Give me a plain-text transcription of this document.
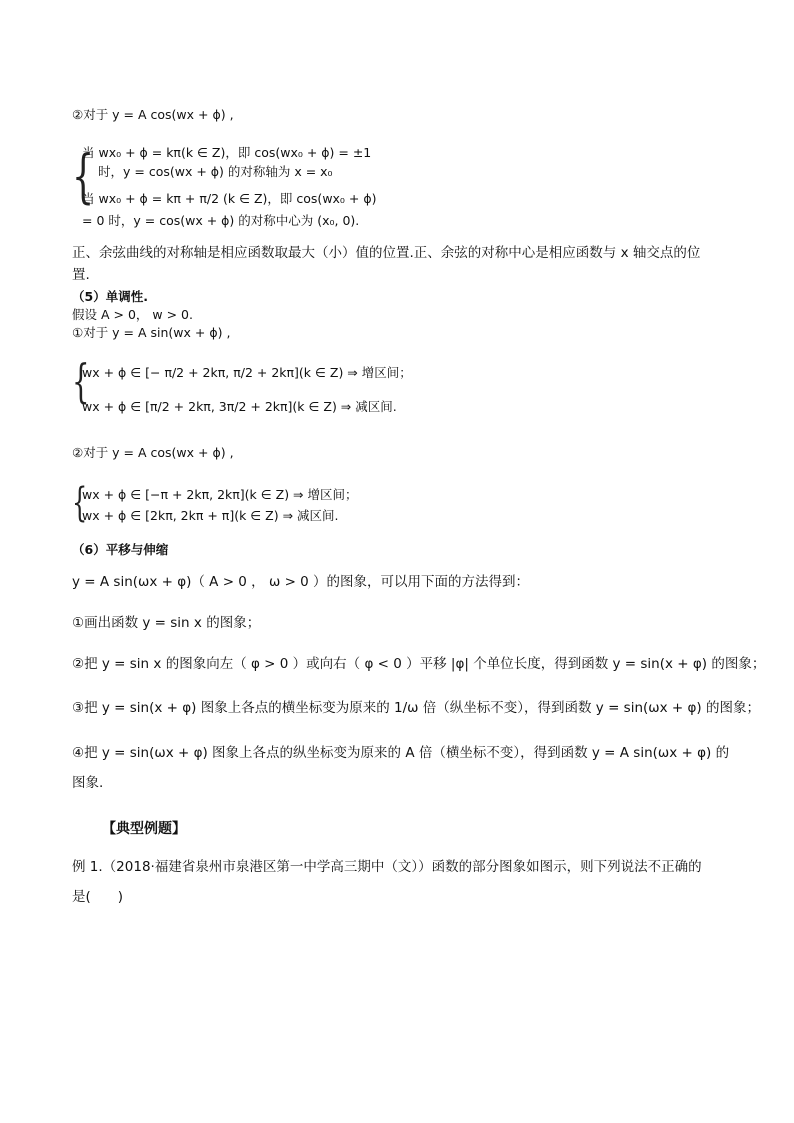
②对于 y = A cos(wx + ϕ) ,
{
当 wx₀ + ϕ = kπ(k ∈ Z)，即 cos(wx₀ + ϕ) = ±1
时，y = cos(wx + ϕ) 的对称轴为 x = x₀
当 wx₀ + ϕ = kπ + π/2 (k ∈ Z)，即 cos(wx₀ + ϕ)
= 0 时，y = cos(wx + ϕ) 的对称中心为 (x₀, 0).
正、余弦曲线的对称轴是相应函数取最大（小）值的位置.正、余弦的对称中心是相应函数与 x 轴交点的位
置.
（5）单调性.
假设 A > 0， w > 0.
①对于 y = A sin(wx + ϕ) ,
{
wx + ϕ ∈ [− π/2 + 2kπ, π/2 + 2kπ](k ∈ Z) ⇒ 增区间；
wx + ϕ ∈ [π/2 + 2kπ, 3π/2 + 2kπ](k ∈ Z) ⇒ 减区间.
②对于 y = A cos(wx + ϕ) ,
{
wx + ϕ ∈ [−π + 2kπ, 2kπ](k ∈ Z) ⇒ 增区间；
wx + ϕ ∈ [2kπ, 2kπ + π](k ∈ Z) ⇒ 减区间.
（6）平移与伸缩
y = A sin(ωx + φ)（ A > 0 ， ω > 0 ）的图象，可以用下面的方法得到：
①画出函数 y = sin x 的图象；
②把 y = sin x 的图象向左（ φ > 0 ）或向右（ φ < 0 ）平移 |φ| 个单位长度，得到函数 y = sin(x + φ) 的图象；
③把 y = sin(x + φ) 图象上各点的横坐标变为原来的 1/ω 倍（纵坐标不变），得到函数 y = sin(ωx + φ) 的图象；
④把 y = sin(ωx + φ) 图象上各点的纵坐标变为原来的 A 倍（横坐标不变），得到函数 y = A sin(ωx + φ) 的
图象.
【典型例题】
例 1.（2018·福建省泉州市泉港区第一中学高三期中（文））函数的部分图象如图示，则下列说法不正确的
是(　　)
